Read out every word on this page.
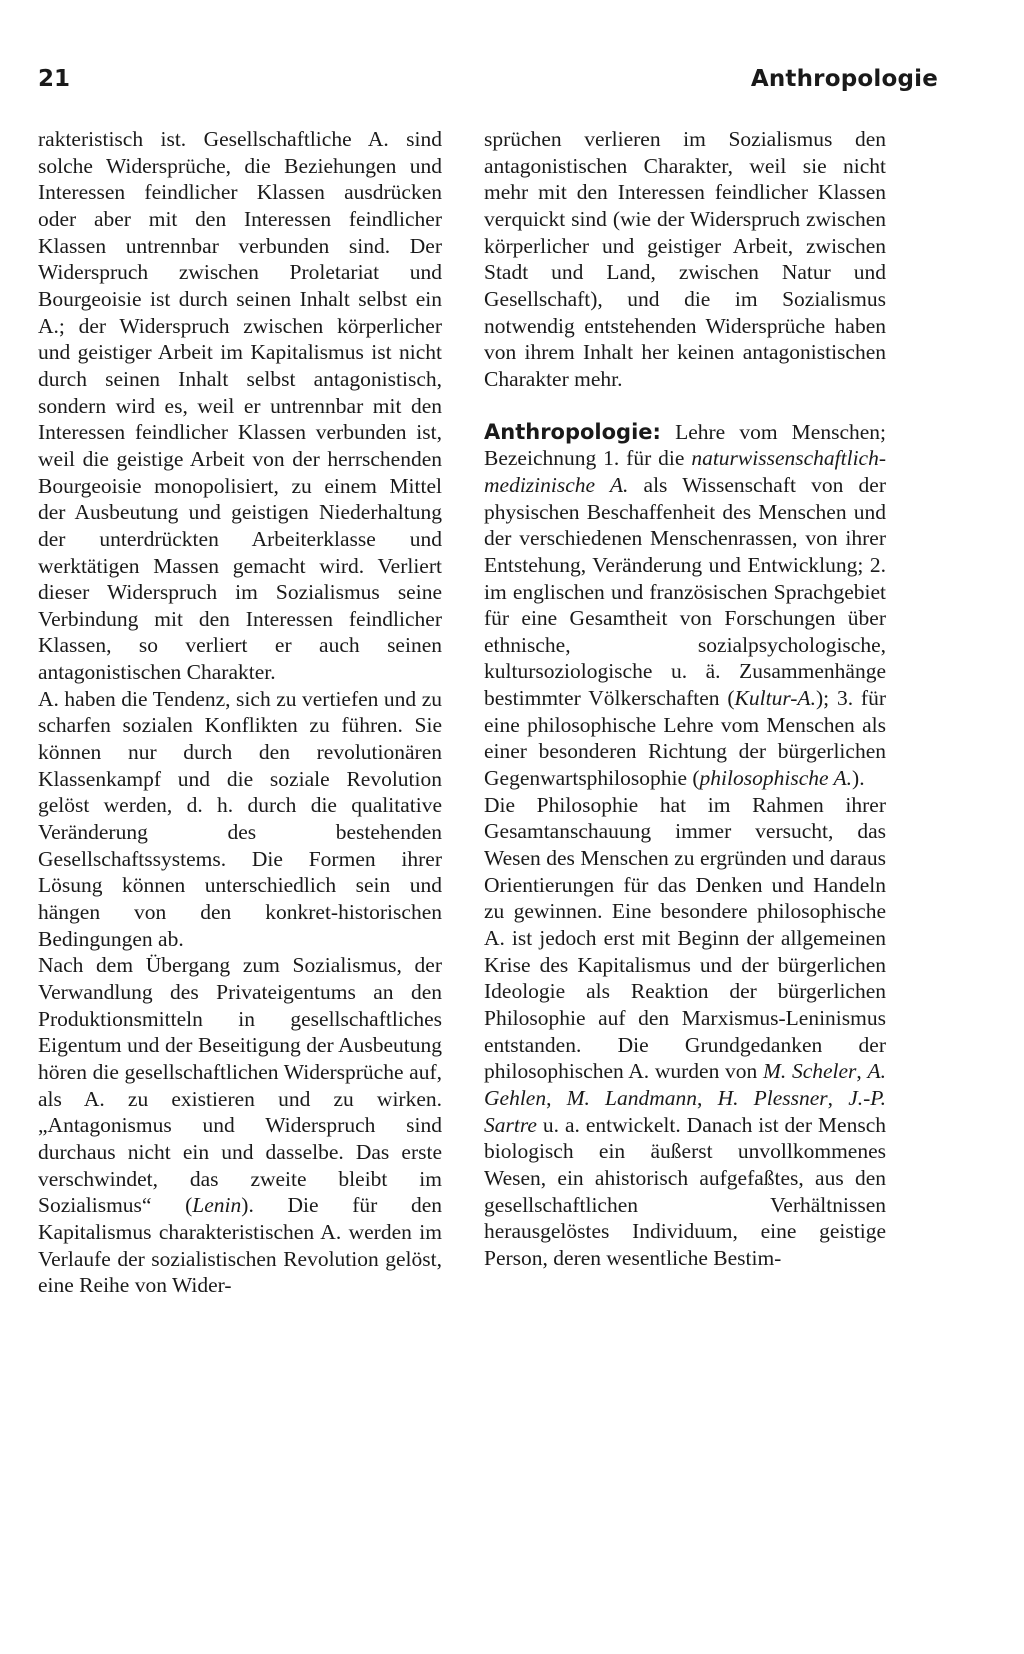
21	Anthropologie

rakteristisch ist. Gesellschaftliche A. sind solche Widersprüche, die Beziehungen und Interessen feindlicher Klassen ausdrücken oder aber mit den Interessen feindlicher Klassen untrennbar verbunden sind. Der Widerspruch zwischen Proletariat und Bourgeoisie ist durch seinen Inhalt selbst ein A.; der Widerspruch zwischen körperlicher und geistiger Arbeit im Kapitalismus ist nicht durch seinen Inhalt selbst antagonistisch, sondern wird es, weil er untrennbar mit den Interessen feindlicher Klassen verbunden ist, weil die geistige Arbeit von der herrschenden Bourgeoisie monopolisiert, zu einem Mittel der Ausbeutung und geistigen Niederhaltung der unterdrückten Arbeiterklasse und werktätigen Massen gemacht wird. Verliert dieser Widerspruch im Sozialismus seine Verbindung mit den Interessen feindlicher Klassen, so verliert er auch seinen antagonistischen Charakter.

A. haben die Tendenz, sich zu vertiefen und zu scharfen sozialen Konflikten zu führen. Sie können nur durch den revolutionären Klassenkampf und die soziale Revolution gelöst werden, d. h. durch die qualitative Veränderung des bestehenden Gesellschaftssystems. Die Formen ihrer Lösung können unterschiedlich sein und hängen von den konkret-historischen Bedingungen ab.

Nach dem Übergang zum Sozialismus, der Verwandlung des Privateigentums an den Produktionsmitteln in gesellschaftliches Eigentum und der Beseitigung der Ausbeutung hören die gesellschaftlichen Widersprüche auf, als A. zu existieren und zu wirken. „Antagonismus und Widerspruch sind durchaus nicht ein und dasselbe. Das erste verschwindet, das zweite bleibt im Sozialismus“ (Lenin). Die für den Kapitalismus charakteristischen A. werden im Verlaufe der sozialistischen Revolution gelöst, eine Reihe von Wider-

sprüchen verlieren im Sozialismus den antagonistischen Charakter, weil sie nicht mehr mit den Interessen feindlicher Klassen verquickt sind (wie der Widerspruch zwischen körperlicher und geistiger Arbeit, zwischen Stadt und Land, zwischen Natur und Gesellschaft), und die im Sozialismus notwendig entstehenden Widersprüche haben von ihrem Inhalt her keinen antagonistischen Charakter mehr.

Anthropologie: Lehre vom Menschen; Bezeichnung 1. für die naturwissenschaftlich-medizinische A. als Wissenschaft von der physischen Beschaffenheit des Menschen und der verschiedenen Menschenrassen, von ihrer Entstehung, Veränderung und Entwicklung; 2. im englischen und französischen Sprachgebiet für eine Gesamtheit von Forschungen über ethnische, sozialpsychologische, kultursoziologische u. ä. Zusammenhänge bestimmter Völkerschaften (Kultur-A.); 3. für eine philosophische Lehre vom Menschen als einer besonderen Richtung der bürgerlichen Gegenwartsphilosophie (philosophische A.).

Die Philosophie hat im Rahmen ihrer Gesamtanschauung immer versucht, das Wesen des Menschen zu ergründen und daraus Orientierungen für das Denken und Handeln zu gewinnen. Eine besondere philosophische A. ist jedoch erst mit Beginn der allgemeinen Krise des Kapitalismus und der bürgerlichen Ideologie als Reaktion der bürgerlichen Philosophie auf den Marxismus-Leninismus entstanden. Die Grundgedanken der philosophischen A. wurden von M. Scheler, A. Gehlen, M. Landmann, H. Plessner, J.-P. Sartre u. a. entwickelt. Danach ist der Mensch biologisch ein äußerst unvollkommenes Wesen, ein ahistorisch aufgefaßtes, aus den gesellschaftlichen Verhältnissen herausgelöstes Individuum, eine geistige Person, deren wesentliche Bestim-
